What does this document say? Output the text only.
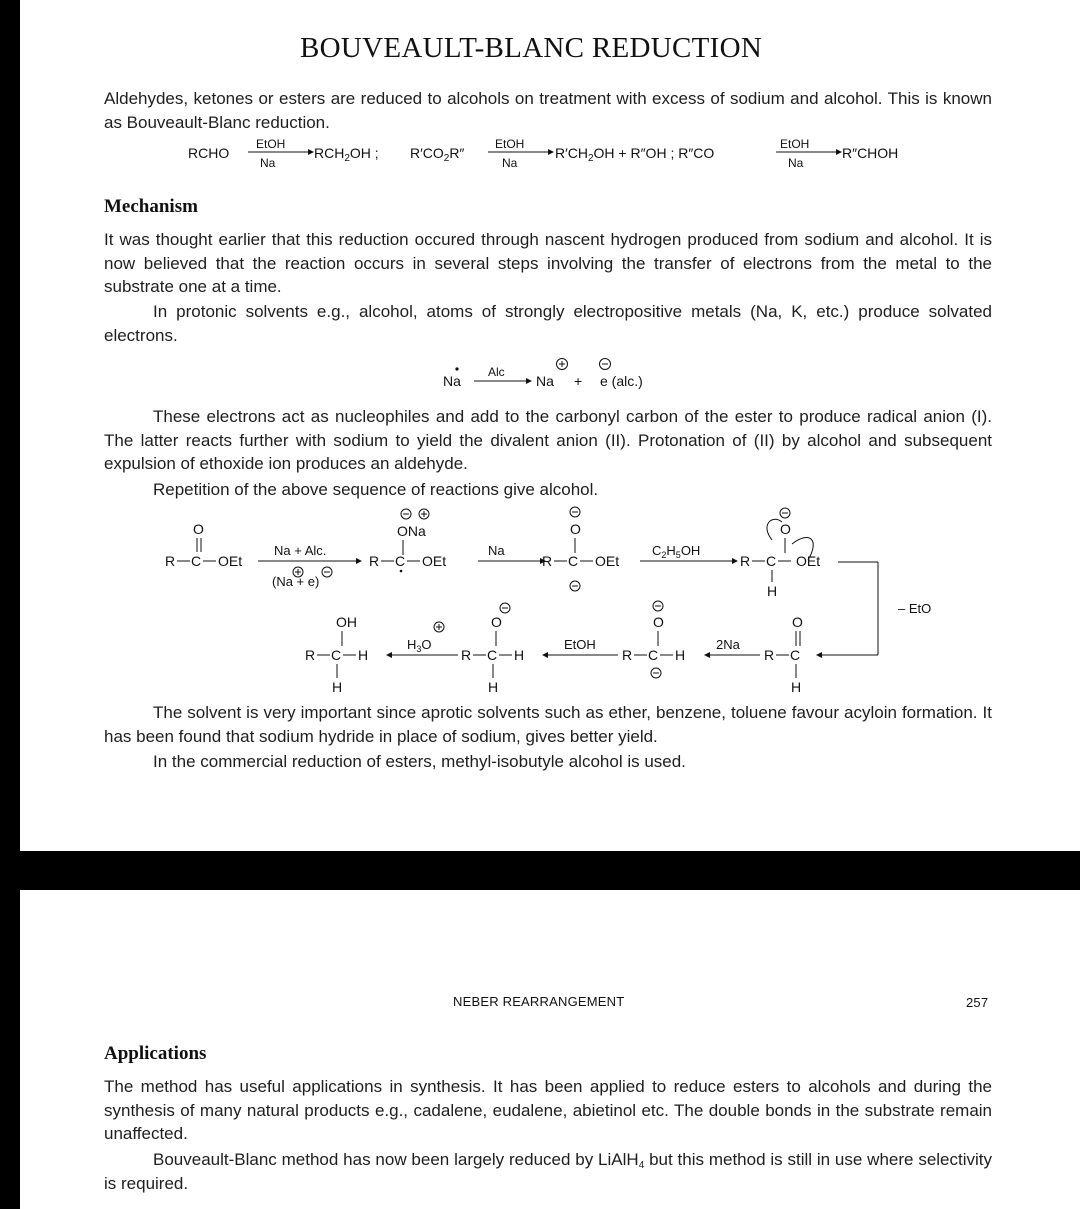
BOUVEAULT-BLANC REDUCTION
Aldehydes, ketones or esters are reduced to alcohols on treatment with excess of sodium and alcohol. This is known as Bouveault-Blanc reduction.
RCHO
EtOH
Na
$RCH_2OH$ ; $R'CO_2R''$
EtOH
Na
$R'CH_2OH + R''OH$ ; R″CO
EtOH
Na
R″CHOH
Mechanism
It was thought earlier that this reduction occured through nascent hydrogen produced from sodium and alcohol. It is now believed that the reaction occurs in several steps involving the transfer of electrons from the metal to the substrate one at a time.
In protonic solvents e.g., alcohol, atoms of strongly electropositive metals (Na, K, etc.) produce solvated electrons.
Na
Alc
Na + e (alc.)
These electrons act as nucleophiles and add to the carbonyl carbon of the ester to produce radical anion (I). The latter reacts further with sodium to yield the divalent anion (II). Protonation of (II) by alcohol and subsequent expulsion of ethoxide ion produces an aldehyde.
Repetition of the above sequence of reactions give alcohol.
O
R C OEt
Na + Alc.
(Na + e)
ONa
R C OEt
Na
O
R C OEt
$C_2H_5OH$
O
R C OEt
H
– EtO
O
R C
H
2Na
O
R C H
EtOH
O
R C H
H
$H_3O$
OH
R C H
H
The solvent is very important since aprotic solvents such as ether, benzene, toluene favour acyloin formation. It has been found that sodium hydride in place of sodium, gives better yield.
In the commercial reduction of esters, methyl-isobutyle alcohol is used.
NEBER REARRANGEMENT	257
Applications
The method has useful applications in synthesis. It has been applied to reduce esters to alcohols and during the synthesis of many natural products e.g., cadalene, eudalene, abietinol etc. The double bonds in the substrate remain unaffected.
Bouveault-Blanc method has now been largely reduced by LiAlH$_4$ but this method is still in use where selectivity is required.
